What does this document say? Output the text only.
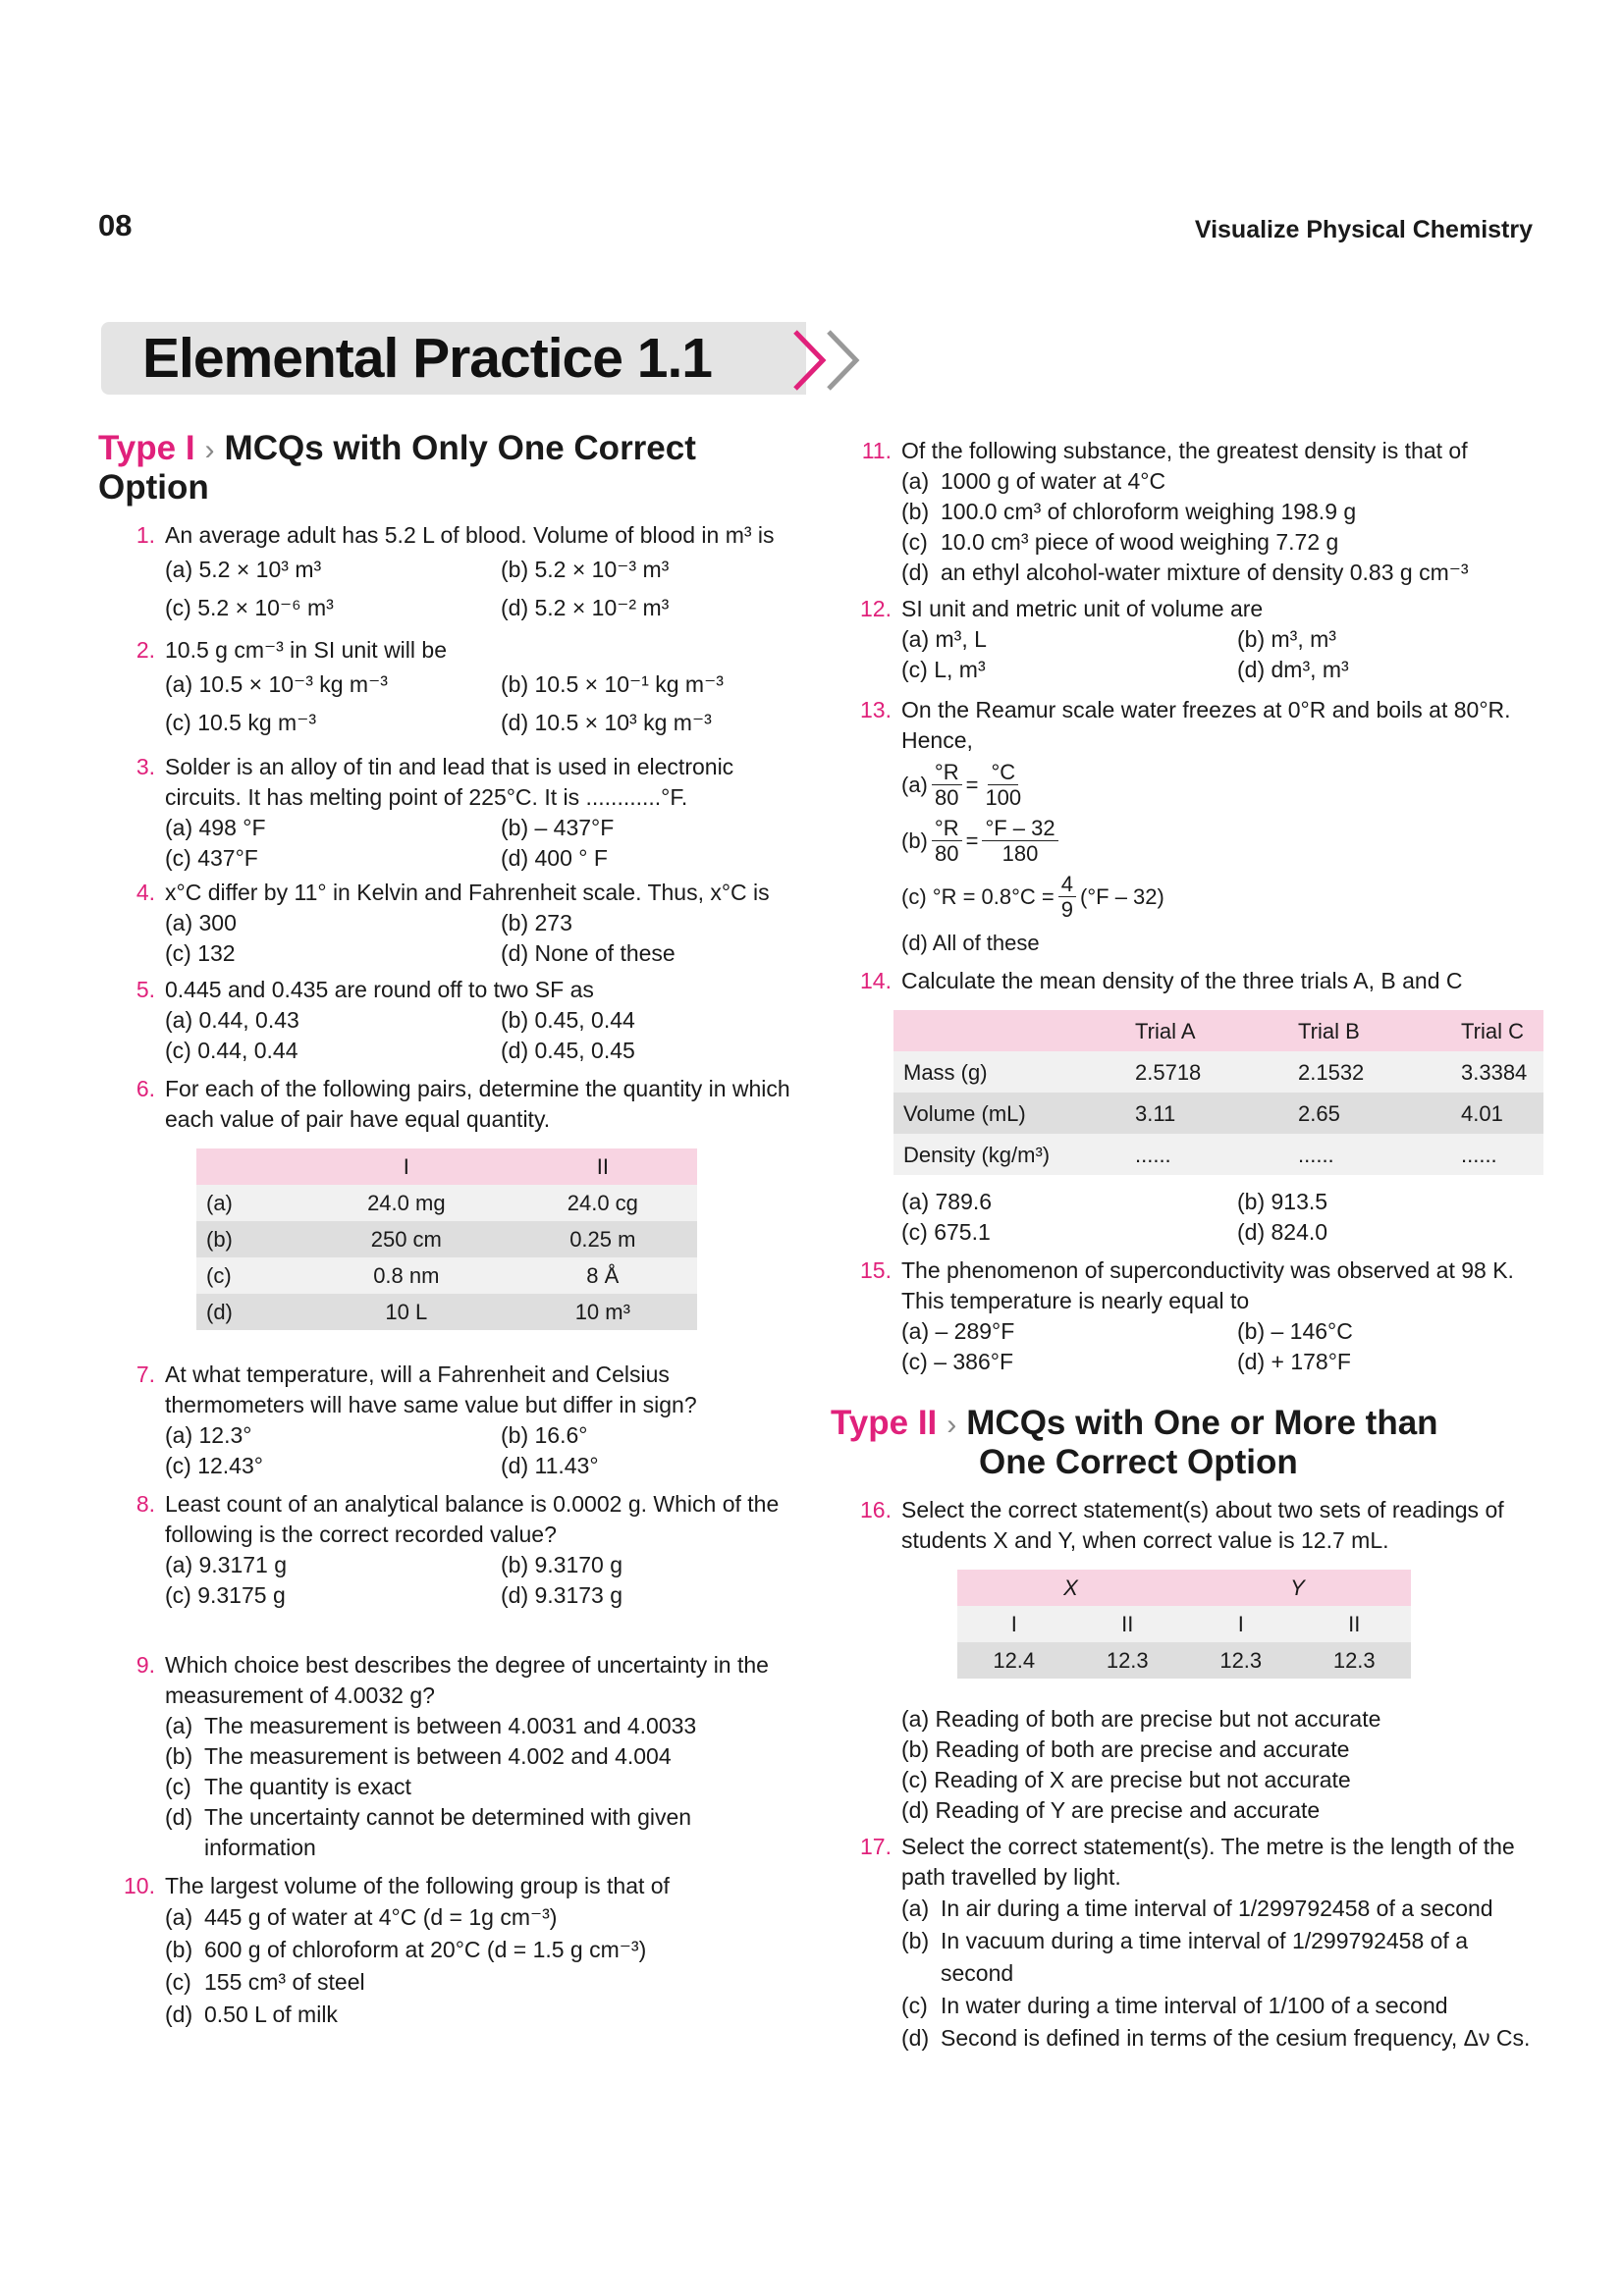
08	Visualize Physical Chemistry
Elemental Practice 1.1
Type I › MCQs with Only One Correct Option
1. An average adult has 5.2 L of blood. Volume of blood in m³ is
(a) 5.2 × 10³ m³	(b) 5.2 × 10⁻³ m³
(c) 5.2 × 10⁻⁶ m³	(d) 5.2 × 10⁻² m³
2. 10.5 g cm⁻³ in SI unit will be
(a) 10.5 × 10⁻³ kg m⁻³	(b) 10.5 × 10⁻¹ kg m⁻³
(c) 10.5 kg m⁻³	(d) 10.5 × 10³ kg m⁻³
3. Solder is an alloy of tin and lead that is used in electronic circuits. It has melting point of 225°C. It is ............°F.
(a) 498 °F	(b) – 437°F
(c) 437°F	(d) 400 ° F
4. x°C differ by 11° in Kelvin and Fahrenheit scale. Thus, x°C is
(a) 300	(b) 273
(c) 132	(d) None of these
5. 0.445 and 0.435 are round off to two SF as
(a) 0.44, 0.43	(b) 0.45, 0.44
(c) 0.44, 0.44	(d) 0.45, 0.45
6. For each of the following pairs, determine the quantity in which each value of pair have equal quantity.
	I	II
(a)	24.0 mg	24.0 cg
(b)	250 cm	0.25 m
(c)	0.8 nm	8 Å
(d)	10 L	10 m³
7. At what temperature, will a Fahrenheit and Celsius thermometers will have same value but differ in sign?
(a) 12.3°	(b) 16.6°
(c) 12.43°	(d) 11.43°
8. Least count of an analytical balance is 0.0002 g. Which of the following is the correct recorded value?
(a) 9.3171 g	(b) 9.3170 g
(c) 9.3175 g	(d) 9.3173 g
9. Which choice best describes the degree of uncertainty in the measurement of 4.0032 g?
(a) The measurement is between 4.0031 and 4.0033
(b) The measurement is between 4.002 and 4.004
(c) The quantity is exact
(d) The uncertainty cannot be determined with given information
10. The largest volume of the following group is that of
(a) 445 g of water at 4°C (d = 1g cm⁻³)
(b) 600 g of chloroform at 20°C (d = 1.5 g cm⁻³)
(c) 155 cm³ of steel
(d) 0.50 L of milk
11. Of the following substance, the greatest density is that of
(a) 1000 g of water at 4°C
(b) 100.0 cm³ of chloroform weighing 198.9 g
(c) 10.0 cm³ piece of wood weighing 7.72 g
(d) an ethyl alcohol-water mixture of density 0.83 g cm⁻³
12. SI unit and metric unit of volume are
(a) m³, L	(b) m³, m³
(c) L, m³	(d) dm³, m³
13. On the Reamur scale water freezes at 0°R and boils at 80°R. Hence,
$(a) \frac{^\circ R}{80} = \frac{^\circ C}{100}$
$(b) \frac{^\circ R}{80} = \frac{^\circ F - 32}{180}$
(c) $^\circ R = 0.8^\circ C = \frac{4}{9} (^\circ F - 32)$
(d) All of these
14. Calculate the mean density of the three trials A, B and C
	Trial A	Trial B	Trial C
Mass (g)	2.5718	2.1532	3.3384
Volume (mL)	3.11	2.65	4.01
Density (kg/m³)	......	......	......
(a) 789.6	(b) 913.5
(c) 675.1	(d) 824.0
15. The phenomenon of superconductivity was observed at 98 K. This temperature is nearly equal to
(a) – 289°F	(b) – 146°C
(c) – 386°F	(d) + 178°F
Type II › MCQs with One or More than
One Correct Option
16. Select the correct statement(s) about two sets of readings of students X and Y, when correct value is 12.7 mL.
X		Y	
I	II	I	II
12.4	12.3	12.3	12.3
(a) Reading of both are precise but not accurate
(b) Reading of both are precise and accurate
(c) Reading of X are precise but not accurate
(d) Reading of Y are precise and accurate
17. Select the correct statement(s). The metre is the length of the path travelled by light.
(a) In air during a time interval of 1/299792458 of a second
(b) In vacuum during a time interval of 1/299792458 of a second
(c) In water during a time interval of 1/100 of a second
(d) Second is defined in terms of the cesium frequency, Δν Cs.
